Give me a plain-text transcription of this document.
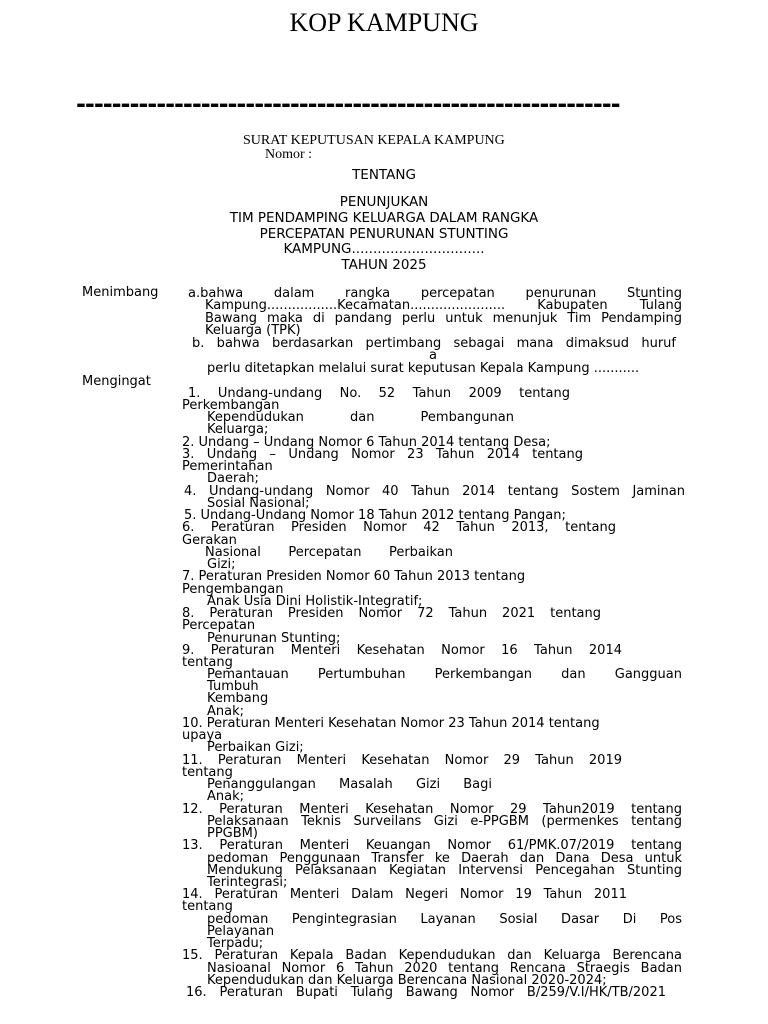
KOP KAMPUNG
-------------------------------------------------------------
SURAT KEPUTUSAN KEPALA KAMPUNG
Nomor :
TENTANG
PENUNJUKAN
TIM PENDAMPING KELUARGA DALAM RANGKA
PERCEPATAN PENURUNAN STUNTING
KAMPUNG...............................
TAHUN 2025
Menimbang a.bahwa dalam rangka percepatan penurunan Stunting
Kampung.................Kecamatan....................... Kabupaten Tulang
Bawang maka di pandang perlu untuk menunjuk Tim Pendamping
Keluarga (TPK)
b. bahwa berdasarkan pertimbang sebagai mana dimaksud huruf
a
perlu ditetapkan melalui surat keputusan Kepala Kampung ...........
Mengingat
1. Undang-undang No. 52 Tahun 2009 tentang
Perkembangan
Kependudukan dan Pembangunan
Keluarga;
2. Undang – Undang Nomor 6 Tahun 2014 tentang Desa;
3. Undang – Undang Nomor 23 Tahun 2014 tentang
Pemerintahan
Daerah;
4. Undang-undang Nomor 40 Tahun 2014 tentang Sostem Jaminan
Sosial Nasional;
5. Undang-Undang Nomor 18 Tahun 2012 tentang Pangan;
6. Peraturan Presiden Nomor 42 Tahun 2013, tentang
Gerakan
Nasional Percepatan Perbaikan
Gizi;
7. Peraturan Presiden Nomor 60 Tahun 2013 tentang
Pengembangan
Anak Usia Dini Holistik-Integratif;
8. Peraturan Presiden Nomor 72 Tahun 2021 tentang
Percepatan
Penurunan Stunting;
9. Peraturan Menteri Kesehatan Nomor 16 Tahun 2014
tentang
Pemantauan Pertumbuhan Perkembangan dan Gangguan
Tumbuh
Kembang
Anak;
10. Peraturan Menteri Kesehatan Nomor 23 Tahun 2014 tentang
upaya
Perbaikan Gizi;
11. Peraturan Menteri Kesehatan Nomor 29 Tahun 2019
tentang
Penanggulangan Masalah Gizi Bagi
Anak;
12. Peraturan Menteri Kesehatan Nomor 29 Tahun2019 tentang
Pelaksanaan Teknis Surveilans Gizi e-PPGBM (permenkes tentang
PPGBM)
13. Peraturan Menteri Keuangan Nomor 61/PMK.07/2019 tentang
pedoman Penggunaan Transfer ke Daerah dan Dana Desa untuk
Mendukung Pelaksanaan Kegiatan Intervensi Pencegahan Stunting
Terintegrasi;
14. Peraturan Menteri Dalam Negeri Nomor 19 Tahun 2011
tentang
pedoman Pengintegrasian Layanan Sosial Dasar Di Pos
Pelayanan
Terpadu;
15. Peraturan Kepala Badan Kependudukan dan Keluarga Berencana
Nasioanal Nomor 6 Tahun 2020 tentang Rencana Straegis Badan
Kependudukan dan Keluarga Berencana Nasional 2020-2024;
16. Peraturan Bupati Tulang Bawang Nomor B/259/V.I/HK/TB/2021
